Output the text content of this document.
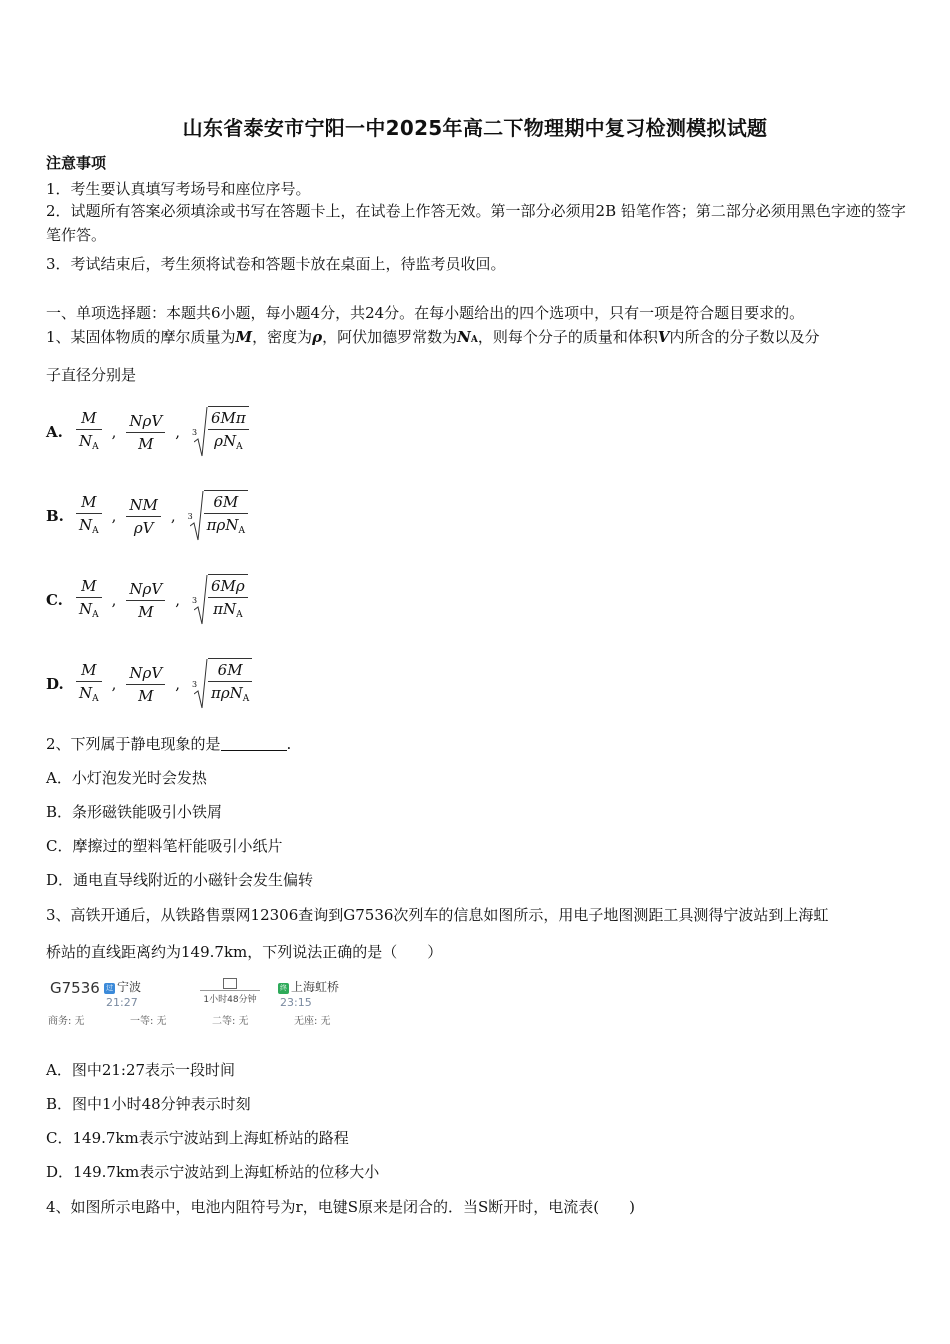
山东省泰安市宁阳一中2025年高二下物理期中复习检测模拟试题
注意事项
1．考生要认真填写考场号和座位序号。
2．试题所有答案必须填涂或书写在答题卡上，在试卷上作答无效。第一部分必须用2B 铅笔作答；第二部分必须用黑色字迹的签字笔作答。
3．考试结束后，考生须将试卷和答题卡放在桌面上，待监考员收回。
一、单项选择题：本题共6小题，每小题4分，共24分。在每小题给出的四个选项中，只有一项是符合题目要求的。
1、某固体物质的摩尔质量为M，密度为ρ，阿伏加德罗常数为NA，则每个分子的质量和体积V内所含的分子数以及分
子直径分别是
A. $\frac{M}{N_A}$ , $\frac{\text{NρV}}{M}$ , $3 \frac{6M\pi}{\rho N_A}$
B. $\frac{M}{N_A}$ , $\frac{NM}{\rho V}$ , $3 \frac{6M}{\pi\rho N_A}$
C. $\frac{M}{N_A}$ , $\frac{\text{NρV}}{M}$ , $3 \frac{6M\rho}{\pi N_A}$
D. $\frac{M}{N_A}$ , $\frac{\text{NρV}}{M}$ , $3 \frac{6M}{\pi\rho N_A}$
2、下列属于静电现象的是	.
A．小灯泡发光时会发热
B．条形磁铁能吸引小铁屑
C．摩擦过的塑料笔杆能吸引小纸片
D．通电直导线附近的小磁针会发生偏转
3、高铁开通后，从铁路售票网12306查询到G7536次列车的信息如图所示，用电子地图测距工具测得宁波站到上海虹
桥站的直线距离约为149.7km，下列说法正确的是（　　）
G7536 过 宁波
21:27	1小时48分钟
终 上海虹桥
23:15
商务: 无	一等: 无	二等: 无	无座: 无
A．图中21:27表示一段时间
B．图中1小时48分钟表示时刻
C．149.7km表示宁波站到上海虹桥站的路程
D．149.7km表示宁波站到上海虹桥站的位移大小
4、如图所示电路中，电池内阻符号为r，电键S原来是闭合的．当S断开时，电流表(　　)
